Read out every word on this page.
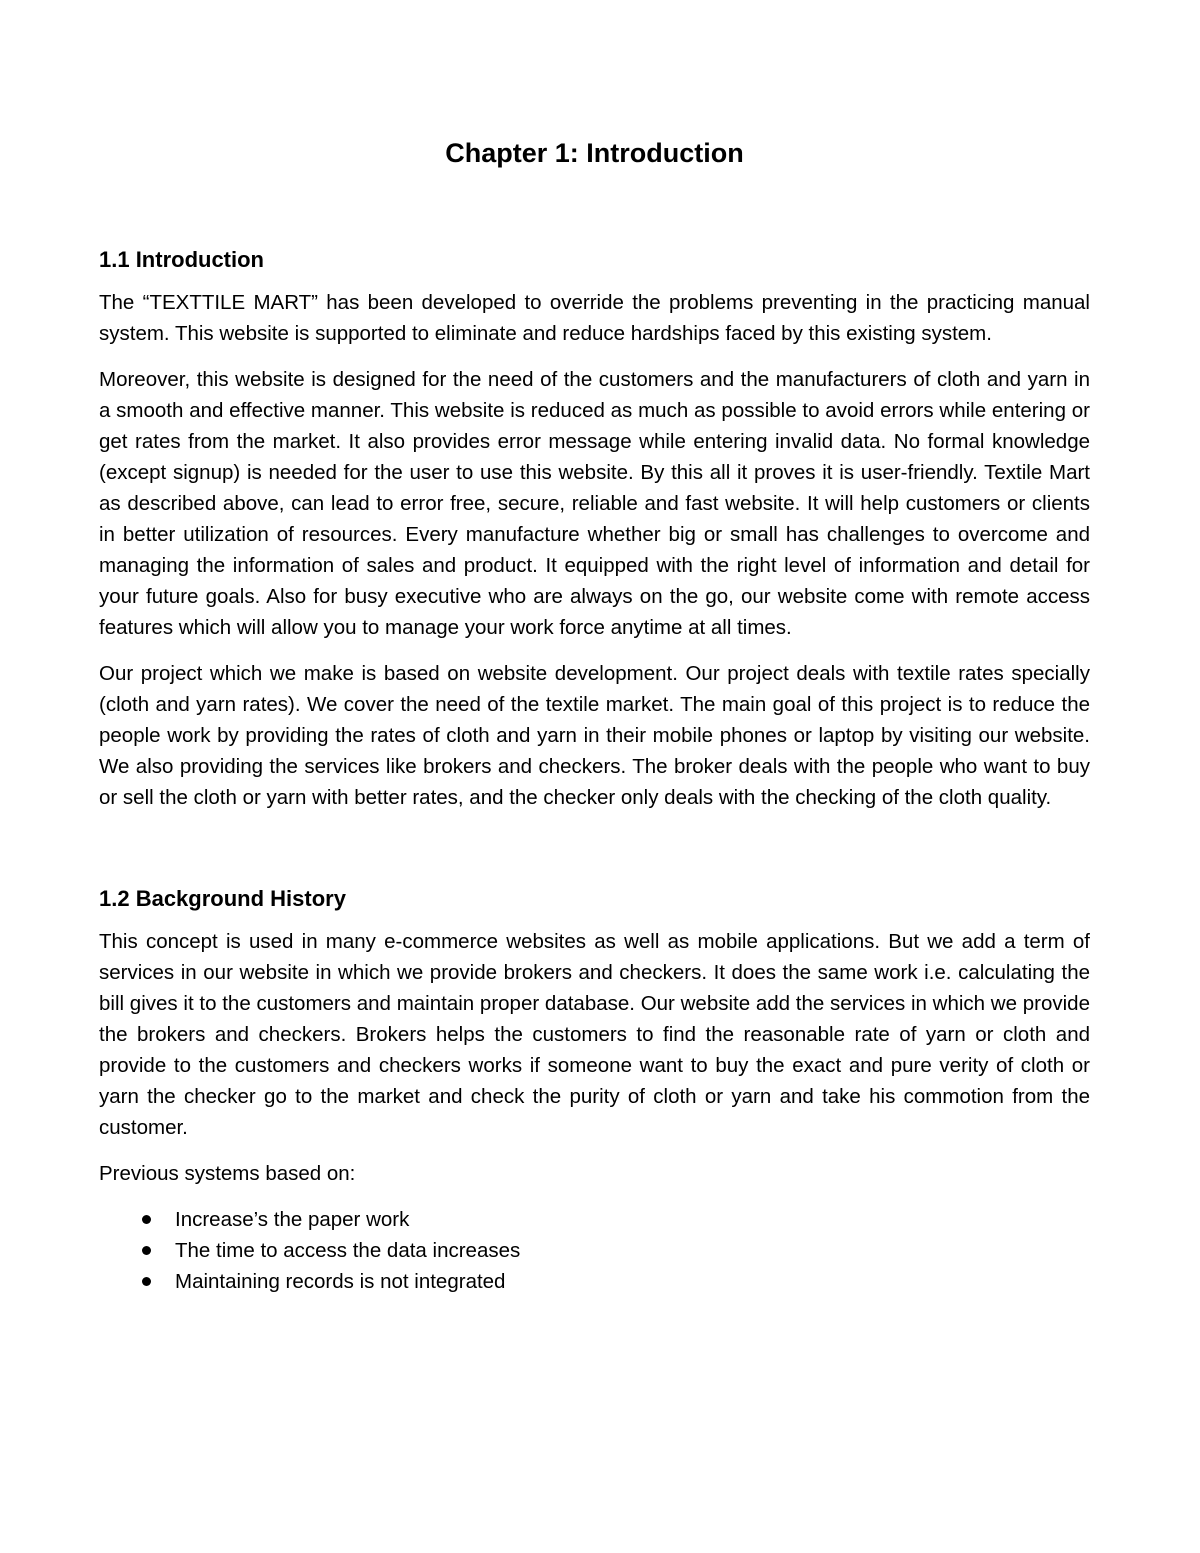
Chapter 1: Introduction
1.1 Introduction

The “TEXTTILE MART” has been developed to override the problems preventing in the practicing manual system. This website is supported to eliminate and reduce hardships faced by this existing system.

Moreover, this website is designed for the need of the customers and the manufacturers of cloth and yarn in a smooth and effective manner. This website is reduced as much as possible to avoid errors while entering or get rates from the market. It also provides error message while entering invalid data. No formal knowledge (except signup) is needed for the user to use this website. By this all it proves it is user-friendly. Textile Mart as described above, can lead to error free, secure, reliable and fast website. It will help customers or clients in better utilization of resources. Every manufacture whether big or small has challenges to overcome and managing the information of sales and product. It equipped with the right level of information and detail for your future goals. Also for busy executive who are always on the go, our website come with remote access features which will allow you to manage your work force anytime at all times.

Our project which we make is based on website development. Our project deals with textile rates specially (cloth and yarn rates). We cover the need of the textile market. The main goal of this project is to reduce the people work by providing the rates of cloth and yarn in their mobile phones or laptop by visiting our website. We also providing the services like brokers and checkers. The broker deals with the people who want to buy or sell the cloth or yarn with better rates, and the checker only deals with the checking of the cloth quality.

1.2 Background History

This concept is used in many e-commerce websites as well as mobile applications. But we add a term of services in our website in which we provide brokers and checkers. It does the same work i.e. calculating the bill gives it to the customers and maintain proper database. Our website add the services in which we provide the brokers and checkers. Brokers helps the customers to find the reasonable rate of yarn or cloth and provide to the customers and checkers works if someone want to buy the exact and pure verity of cloth or yarn the checker go to the market and check the purity of cloth or yarn and take his commotion from the customer.

Previous systems based on:

Increase’s the paper work
The time to access the data increases
Maintaining records is not integrated
